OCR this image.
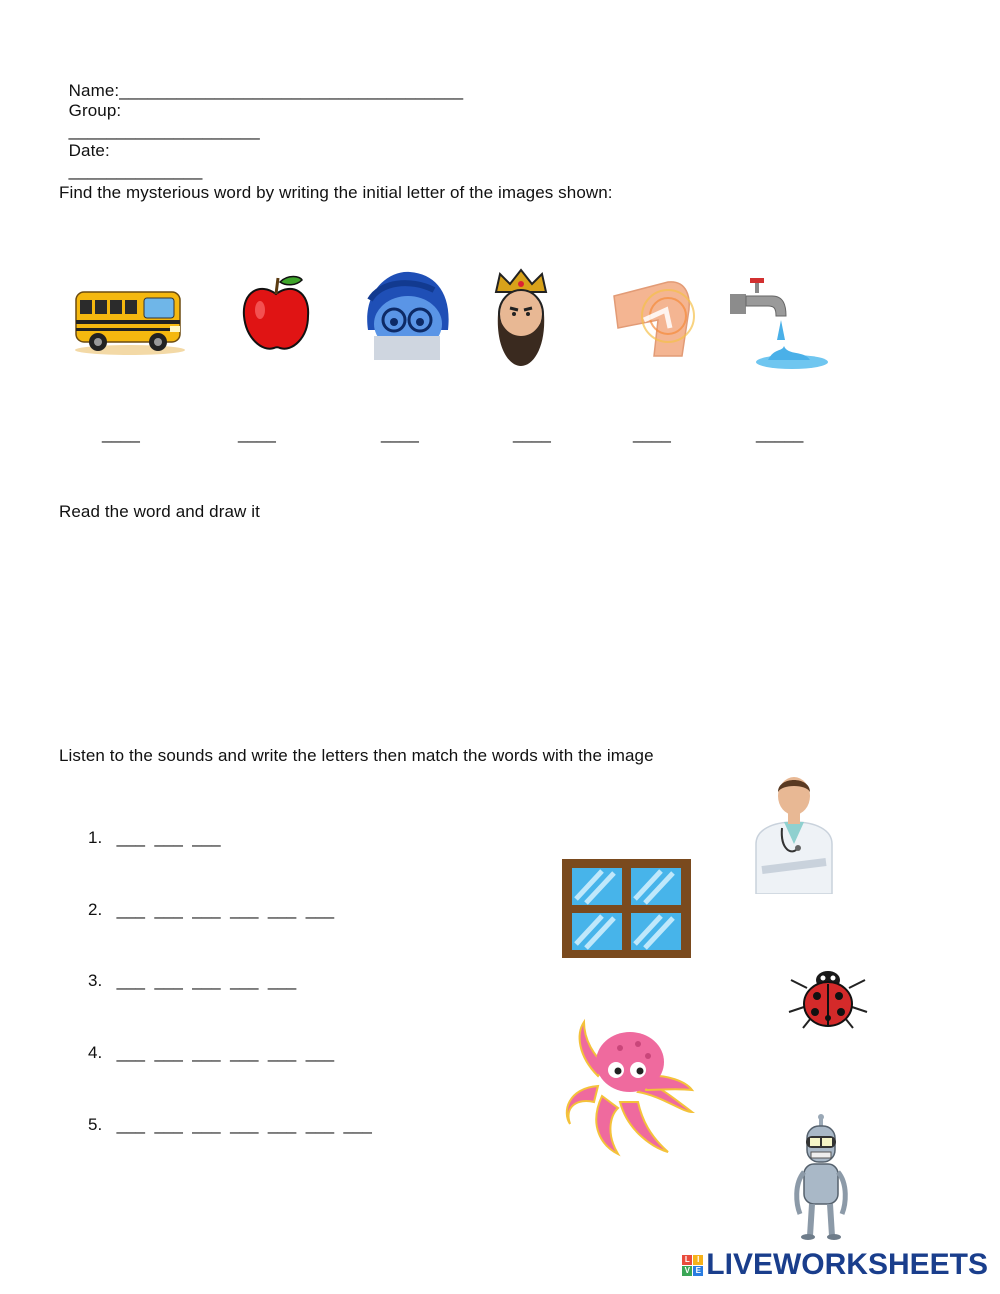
Name:____________________________________
Group:
____________________
Date:
______________

Find the mysterious word by writing the initial letter of the images shown:
____	____	____	____	____	_____
Read the word and draw it
Listen to the sounds and write the letters then match the words with the image
1. ___  ___  ___
2. ___  ___  ___  ___  ___  ___
3. ___  ___  ___  ___  ___
4. ___  ___  ___  ___  ___  ___
5. ___  ___  ___  ___  ___  ___  ___
L I
V E LIVEWORKSHEETS
